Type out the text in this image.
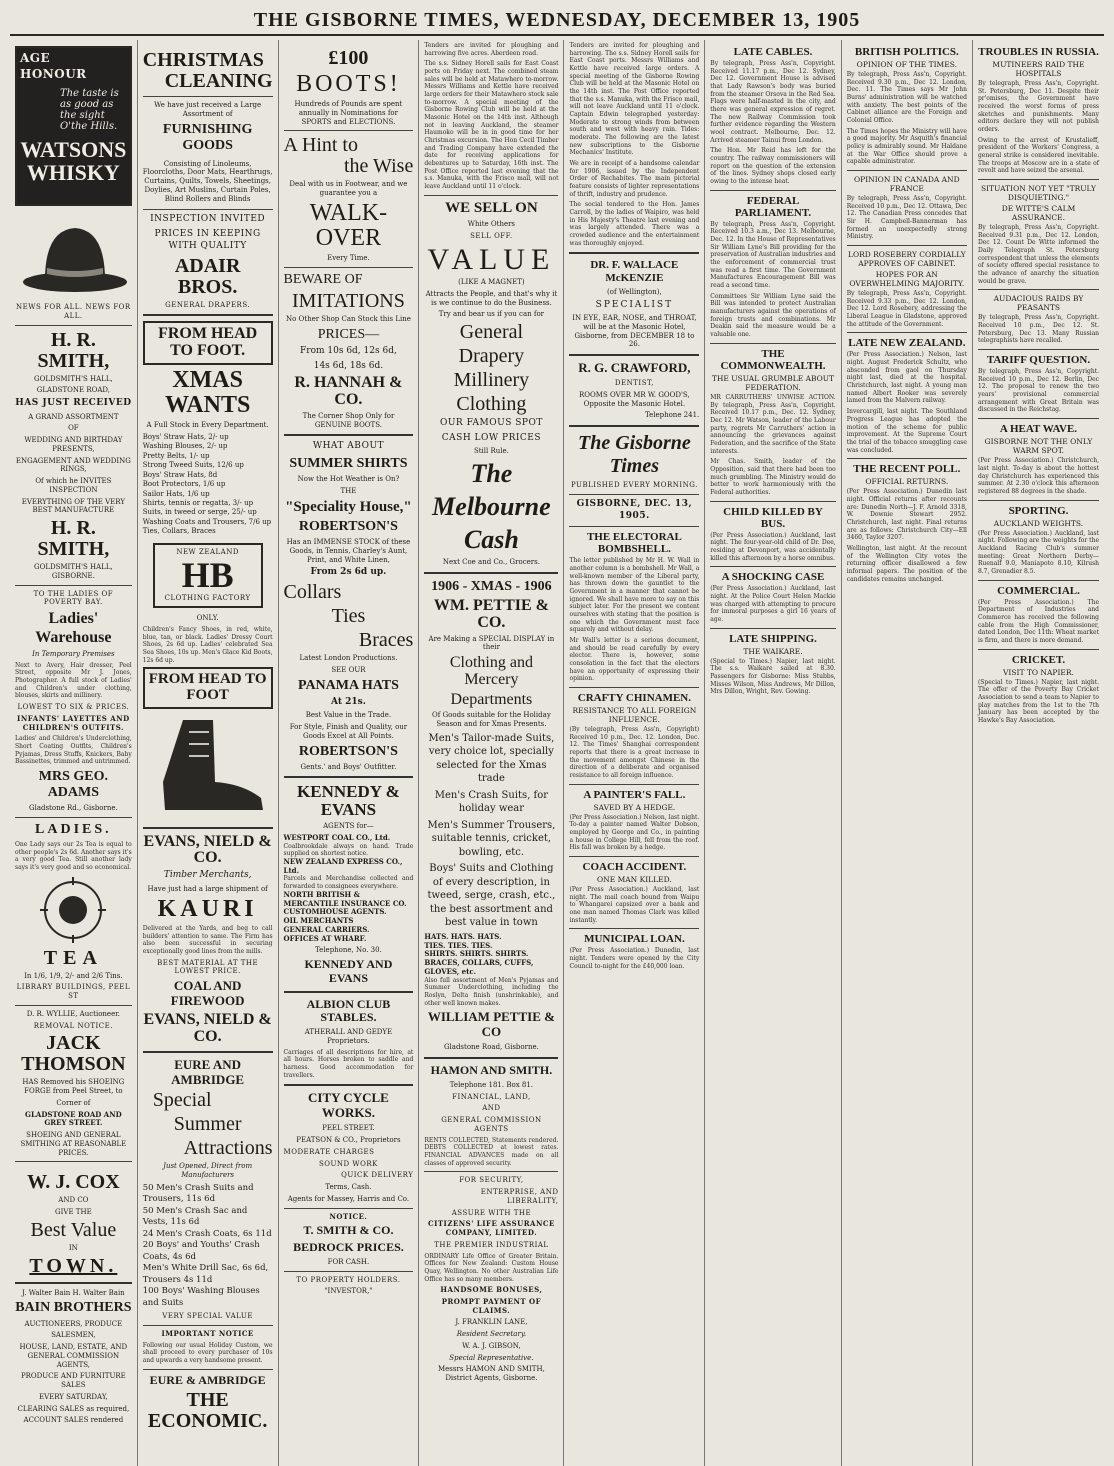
THE GISBORNE TIMES, WEDNESDAY, DECEMBER 13, 1905
AGE
HONOUR
The taste is as good as the sight O'the Hills.
WATSONS
WHISKY
NEWS FOR ALL. NEWS FOR ALL.
H. R. SMITH,
GOLDSMITH'S HALL,
GLADSTONE ROAD,
HAS JUST RECEIVED
A GRAND ASSORTMENT
OF
WEDDING AND BIRTHDAY PRESENTS,
ENGAGEMENT AND WEDDING RINGS,
Of which he INVITES INSPECTION
EVERYTHING OF THE VERY BEST MANUFACTURE
H. R. SMITH,
GOLDSMITH'S HALL, GISBORNE.
TO THE LADIES OF POVERTY BAY.
Ladies' Warehouse
In Temporary Premises
Next to Avery, Hair dresser, Peel Street, opposite Mr J. Jones, Photographer. A full stock of Ladies' and Children's under clothing, blouses, skirts and millinery.
LOWEST TO SIX & PRICES.
INFANTS' LAYETTES AND CHILDREN'S OUTFITS.
Ladies' and Children's Underclothing, Short Coating Outfits, Children's Pyjamas, Dress Stuffs, Knickers, Baby Bassinettes, trimmed and untrimmed.
MRS GEO. ADAMS
Gladstone Rd., Gisborne.
LADIES.
One Lady says our 2s Tea is equal to other people's 2s 6d. Another says it's a very good Tea. Still another lady says it's very good and so economical.
TEA
In 1/6, 1/9, 2/- and 2/6 Tins.
LIBRARY BUILDINGS, PEEL ST
D. R. WYLLIE, Auctioneer.
REMOVAL NOTICE.
JACK THOMSON
HAS Removed his SHOEING FORGE from Peel Street, to
Corner of
GLADSTONE ROAD AND GREY STREET.
SHOEING AND GENERAL SMITHING AT REASONABLE PRICES.
W. J. COX
AND CO
GIVE THE
Best Value
IN
TOWN.
J. Walter Bain H. Walter Bain
BAIN BROTHERS
AUCTIONEERS, PRODUCE
SALESMEN,
HOUSE, LAND, ESTATE, AND GENERAL COMMISSION AGENTS,
PRODUCE AND FURNITURE SALES
EVERY SATURDAY,
CLEARING SALES as required,
ACCOUNT SALES rendered
CHRISTMAS
CLEANING
We have just received a Large Assortment of
FURNISHING GOODS
Consisting of Linoleums, Floorcloths, Door Mats, Hearthrugs, Curtains, Quilts, Towels, Sheetings, Doylies, Art Muslins, Curtain Poles, Blind Rollers and Blinds
INSPECTION INVITED
PRICES IN KEEPING WITH QUALITY
ADAIR BROS.
GENERAL DRAPERS.
FROM HEAD TO FOOT.
XMAS WANTS
A Full Stock in Every Department.
Boys' Straw Hats, 2/- up
Washing Blouses, 2/- up
Pretty Belts, 1/- up
Strong Tweed Suits, 12/6 up
Boys' Straw Hats, 8d
Boot Protectors, 1/6 up
Sailor Hats, 1/6 up
Shirts, tennis or regatta, 3/- up
Suits, in tweed or serge, 25/- up
Washing Coats and Trousers, 7/6 up
Ties, Collars, Braces
NEW ZEALAND
HB
CLOTHING FACTORY
ONLY.
Children's Fancy Shoes, in red, white, blue, tan, or black. Ladies' Dressy Court Shoes, 2s 6d up. Ladies' celebrated Sea Sea Shoes, 10s up. Men's Glace Kid Boots, 12s 6d up.
FROM HEAD TO FOOT
EVANS, NIELD & CO.
Timber Merchants,
Have just had a large shipment of
KAURI
Delivered at the Yards, and beg to call builders' attention to same. The Firm has also been successful in securing exceptionally good lines from the mills.
BEST MATERIAL AT THE LOWEST PRICE.
COAL AND FIREWOOD
EVANS, NIELD & CO.
EURE AND AMBRIDGE
Special
Summer
Attractions
Just Opened, Direct from Manufacturers
50 Men's Crash Suits and Trousers, 11s 6d
50 Men's Crash Sac and Vests, 11s 6d
24 Men's Crash Coats, 6s 11d
20 Boys' and Youths' Crash Coats, 4s 6d
Men's White Drill Sac, 6s 6d, Trousers 4s 11d
100 Boys' Washing Blouses and Suits
VERY SPECIAL VALUE
IMPORTANT NOTICE
Following our usual Holiday Custom, we shall proceed to every purchaser of 10s and upwards a very handsome present.
EURE & AMBRIDGE
THE ECONOMIC.
£100
BOOTS!
Hundreds of Pounds are spent annually in Nominations for SPORTS and ELECTIONS.
A Hint to
the Wise
Deal with us in Footwear, and we guarantee you a
WALK-OVER
Every Time.
BEWARE OF
IMITATIONS
No Other Shop Can Stock this Line
PRICES—
From 10s 6d, 12s 6d,
14s 6d, 18s 6d.
R. HANNAH & CO.
The Corner Shop Only for GENUINE BOOTS.
WHAT ABOUT
SUMMER SHIRTS
Now the Hot Weather is On?
THE
"Speciality House,"
ROBERTSON'S
Has an IMMENSE STOCK of these Goods, in Tennis, Charley's Aunt, Print, and White Linen,
From 2s 6d up.
Collars
Ties
Braces
Latest London Productions.
SEE OUR
PANAMA HATS
At 21s.
Best Value in the Trade.
For Style, Finish and Quality, our Goods Excel at All Points.
ROBERTSON'S
Gents.' and Boys' Outfitter.
KENNEDY & EVANS
AGENTS for—
WESTPORT COAL CO., Ltd.
Coalbrookdale always on hand. Trade supplied on shortest notice.
NEW ZEALAND EXPRESS CO., Ltd.
Parcels and Merchandise collected and forwarded to consignees everywhere.
NORTH BRITISH & MERCANTILE INSURANCE CO.
CUSTOMHOUSE AGENTS.
OIL MERCHANTS
GENERAL CARRIERS.
OFFICES AT WHARF.
Telephone, No. 30.
KENNEDY AND EVANS
ALBION CLUB STABLES.
ATHERALL AND GEDYE Proprietors.
Carriages of all descriptions for hire, at all hours. Horses broken to saddle and harness. Good accommodation for travellers.
CITY CYCLE WORKS.
PEEL STREET.
PEATSON & CO., Proprietors
MODERATE CHARGES
SOUND WORK
QUICK DELIVERY
Terms, Cash.
Agents for Massey, Harris and Co.
NOTICE.
T. SMITH & CO.
BEDROCK PRICES.
FOR CASH.
TO PROPERTY HOLDERS.
"INVESTOR,"
Tenders are invited for ploughing and harrowing five acres. Aberdeen road.
The s.s. Sidney Horell sails for East Coast ports on Friday next. The combined steam sales will be held at Matawhero to-morrow. Messrs Williams and Kettle have received large orders for their Matawhero stock sale to-morrow. A special meeting of the Gisborne Rowing Club will be held at the Masonic Hotel on the 14th inst. Although not in leaving Auckland, the steamer Haumoko will be in in good time for her Christmas excursion. The Hon Cecil Timber and Trading Company have extended the date for receiving applications for debentures up to Saturday, 16th inst. The Post Office reported last evening that the s.s. Manuka, with the Frisco mail, will not leave Auckland until 11 o'clock.
WE SELL ON
White Others
SELL OFF.
VALUE
(LIKE A MAGNET)
Attracts the People, and that's why it is we continue to do the Business.
Try and bear us if you can for
General
Drapery
Millinery
Clothing
OUR FAMOUS SPOT
CASH LOW PRICES
Still Rule.
The
Melbourne
Cash
Next Coe and Co., Grocers.
1906 - XMAS - 1906
WM. PETTIE & CO.
Are Making a SPECIAL DISPLAY in their
Clothing and Mercery
Departments
Of Goods suitable for the Holiday Season and for Xmas Presents.
Men's Tailor-made Suits, very choice lot, specially selected for the Xmas trade
Men's Crash Suits, for holiday wear
Men's Summer Trousers, suitable tennis, cricket, bowling, etc.
Boys' Suits and Clothing of every description, in tweed, serge, crash, etc., the best assortment and best value in town
HATS. HATS. HATS.
TIES. TIES. TIES.
SHIRTS. SHIRTS. SHIRTS.
BRACES, COLLARS, CUFFS, GLOVES, etc.
Also full assortment of Men's Pyjamas and Summer Underclothing, including the Roslyn, Delta finish (unshrinkable), and other well known makes.
WILLIAM PETTIE & CO
Gladstone Road, Gisborne.
HAMON AND SMITH.
Telephone 181. Box 81.
FINANCIAL, LAND,
AND
GENERAL COMMISSION AGENTS
RENTS COLLECTED, Statements rendered. DEBTS COLLECTED at lowest rates. FINANCIAL ADVANCES made on all classes of approved security.
FOR SECURITY,
ENTERPRISE, AND
LIBERALITY,
ASSURE WITH THE
CITIZENS' LIFE ASSURANCE COMPANY, LIMITED.
THE PREMIER INDUSTRIAL
ORDINARY Life Office of Greater Britain. Offices for New Zealand: Custom House Quay, Wellington. No other Australian Life Office has so many members.
HANDSOME BONUSES,
PROMPT PAYMENT OF CLAIMS.
J. FRANKLIN LANE,
Resident Secretary.
W. A. J. GIBSON,
Special Representative.
Messrs HAMON AND SMITH, District Agents, Gisborne.
Tenders are invited for ploughing and harrowing. The s.s. Sidney Horell sails for East Coast ports. Messrs Williams and Kettle have received large orders. A special meeting of the Gisborne Rowing Club will be held at the Masonic Hotel on the 14th inst. The Post Office reported that the s.s. Manuka, with the Frisco mail, will not leave Auckland until 11 o'clock. Captain Edwin telegraphed yesterday: Moderate to strong winds from between south and west with heavy rain. Tides: moderate. The following are the latest new subscriptions to the Gisborne Mechanics' Institute.
We are in receipt of a handsome calendar for 1906, issued by the Independent Order of Rechabites. The main pictorial feature consists of lighter representations of thrift, industry and prudence.
The social tendered to the Hon. James Carroll, by the ladies of Waipiro, was held in His Majesty's Theatre last evening and was largely attended. There was a crowded audience and the entertainment was thoroughly enjoyed.
DR. F. WALLACE McKENZIE
(of Wellington),
SPECIALIST
IN EYE, EAR, NOSE, and THROAT, will be at the Masonic Hotel, Gisborne, from DECEMBER 18 to 26.
R. G. CRAWFORD,
DENTIST,
ROOMS OVER MR W. GOOD'S, Opposite the Masonic Hotel.
Telephone 241.
The Gisborne Times
PUBLISHED EVERY MORNING.
GISBORNE, DEC. 13, 1905.
THE ELECTORAL BOMBSHELL.
The letter published by Mr H. W. Wall in another column is a bombshell. Mr Wall, a well-known member of the Liberal party, has thrown down the gauntlet to the Government in a manner that cannot be ignored. We shall have more to say on this subject later. For the present we content ourselves with stating that the position is one which the Government must face squarely and without delay.
Mr Wall's letter is a serious document, and should be read carefully by every elector. There is, however, some consolation in the fact that the electors have an opportunity of expressing their opinion.
CRAFTY CHINAMEN.
RESISTANCE TO ALL FOREIGN INFLUENCE.
(By telegraph, Press Ass'n, Copyright) Received 10 p.m., Dec. 12. London, Dec. 12. The Times' Shanghai correspondent reports that there is a great increase in the movement amongst Chinese in the direction of a deliberate and organised resistance to all foreign influence.
A PAINTER'S FALL.
SAVED BY A HEDGE.
(Per Press Association.) Nelson, last night. To-day a painter named Walter Dobson, employed by George and Co., in painting a house in College Hill, fell from the roof. His fall was broken by a hedge.
COACH ACCIDENT.
ONE MAN KILLED.
(Per Press Association.) Auckland, last night. The mail coach bound from Waipu to Whangarei capsized over a bank and one man named Thomas Clark was killed instantly.
MUNICIPAL LOAN.
(Per Press Association.) Dunedin, last night. Tenders were opened by the City Council to-night for the £40,000 loan.
LATE CABLES.
By telegraph, Press Ass'n, Copyright. Received 11.17 p.m., Dec 12. Sydney, Dec 12. Government House is advised that Lady Rawson's body was buried from the steamer Orsova in the Red Sea. Flags were half-masted in the city, and there was general expression of regret. The new Railway Commission took further evidence regarding the Western wool contract. Melbourne, Dec. 12. Arrived steamer Tainui from London.
The Hon. Mr Reid has left for the country. The railway commissioners will report on the question of the extension of the lines. Sydney shops closed early owing to the intense heat.
FEDERAL PARLIAMENT.
By telegraph, Press Ass'n, Copyright. Received 10.3 a.m., Dec 13. Melbourne, Dec. 12. In the House of Representatives Sir William Lyne's Bill providing for the preservation of Australian industries and the enforcement of commercial trust was read a first time. The Government Manufactures Encouragement Bill was read a second time.
Committees Sir William Lyne said the Bill was intended to protect Australian manufacturers against the operations of foreign trusts and combinations. Mr Deakin said the measure would be a valuable one.
THE COMMONWEALTH.
THE USUAL GRUMBLE ABOUT FEDERATION.
MR CARRUTHERS' UNWISE ACTION. By telegraph, Press Ass'n, Copyright. Received 10.17 p.m., Dec. 12. Sydney, Dec 12. Mr Watson, leader of the Labour party, regrets Mr Carruthers' action in announcing the grievances against Federation, and the sacrifice of the State interests.
Mr Chas. Smith, leader of the Opposition, said that there had been too much grumbling. The Ministry would do better to work harmoniously with the Federal authorities.
CHILD KILLED BY BUS.
(Per Press Association.) Auckland, last night. The four-year-old child of Dr. Dee, residing at Devonport, was accidentally killed this afternoon by a horse omnibus.
A SHOCKING CASE
(Per Press Association.) Auckland, last night. At the Police Court Helen Mackie was charged with attempting to procure for immoral purposes a girl 16 years of age.
LATE SHIPPING.
THE WAIKARE.
(Special to Times.) Napier, last night. The s.s. Waikare sailed at 8.30. Passengers for Gisborne: Miss Stubbs, Misses Wilson, Miss Andrews, Mr Dillon, Mrs Dillon, Wright, Rev. Gowing.
BRITISH POLITICS.
OPINION OF THE TIMES.
By telegraph, Press Ass'n, Copyright. Received 9.30 p.m., Dec 12. London, Dec. 11. The Times says Mr John Burns' administration will be watched with anxiety. The best points of the Cabinet alliance are the Foreign and Colonial Office.
The Times hopes the Ministry will have a good majority. Mr Asquith's financial policy is admirably sound. Mr Haldane at the War Office should prove a capable administrator.
OPINION IN CANADA AND FRANCE
By telegraph, Press Ass'n, Copyright. Received 10 p.m., Dec 12. Ottawa, Dec 12. The Canadian Press concedes that Sir H. Campbell-Bannerman has formed an unexpectedly strong Ministry.
LORD ROSEBERY CORDIALLY APPROVES OF CABINET.
HOPES FOR AN OVERWHELMING MAJORITY.
By telegraph, Press Ass'n, Copyright. Received 9.33 p.m., Dec 12. London, Dec 12. Lord Rosebery, addressing the Liberal League in Gladstone, approved the attitude of the Government.
LATE NEW ZEALAND.
(Per Press Association.) Nelson, last night. August Frederick Schultz, who absconded from gaol on Thursday night last, died at the hospital. Christchurch, last night. A young man named Albert Rooker was severely lamed from the Malvern railway.
Invercargill, last night. The Southland Progress League has adopted the motion of the scheme for public improvement. At the Supreme Court the trial of the tobacco smuggling case was concluded.
THE RECENT POLL.
OFFICIAL RETURNS.
(Per Press Association.) Dunedin last night. Official returns after recounts are: Dunedin North—J. F. Arnold 3318, W. Downie Stewart 2952. Christchurch, last night. Final returns are as follows: Christchurch City—Ell 3460, Taylor 3207.
Wellington, last night. At the recount of the Wellington City votes the returning officer disallowed a few informal papers. The position of the candidates remains unchanged.
TROUBLES IN RUSSIA.
MUTINEERS RAID THE HOSPITALS
By telegraph, Press Ass'n, Copyright. St. Petersburg, Dec 11. Despite their pr'omises, the Government have received the worst forms of press sketches and punishments. Many editors declare they will not publish orders.
Owing to the arrest of Krustalieff, president of the Workers' Congress, a general strike is considered inevitable. The troops at Moscow are in a state of revolt and have seized the arsenal.
SITUATION NOT YET "TRULY DISQUIETING."
DE WITTE'S CALM ASSURANCE.
By telegraph, Press Ass'n, Copyright. Received 9.31 p.m., Dec 12. London, Dec 12. Count De Witte informed the Daily Telegraph St. Petersburg correspondent that unless the elements of society offered special resistance to the advance of anarchy the situation would be grave.
AUDACIOUS RAIDS BY PEASANTS
By telegraph, Press Ass'n, Copyright. Received 10 p.m., Dec 12. St. Petersburg, Dec 13. Many Russian telegraphists have recalled.
TARIFF QUESTION.
By telegraph, Press Ass'n, Copyright. Received 10 p.m., Dec 12. Berlin, Dec 12. The proposal to renew the two years' provisional commercial arrangement with Great Britain was discussed in the Reichstag.
A HEAT WAVE.
GISBORNE NOT THE ONLY WARM SPOT.
(Per Press Association.) Christchurch, last night. To-day is about the hottest day Christchurch has experienced this summer. At 2.30 o'clock this afternoon registered 88 degrees in the shade.
SPORTING.
AUCKLAND WEIGHTS.
(Per Press Association.) Auckland, last night. Following are the weights for the Auckland Racing Club's summer meeting: Great Northern Derby—Ruenalf 9.0, Maniapoto 8.10, Kilrush 8.7, Grenadier 8.5.
COMMERCIAL.
(Per Press Association.) The Department of Industries and Commerce has received the following cable from the High Commissioner, dated London, Dec 11th: Wheat market is firm, and there is more demand.
CRICKET.
VISIT TO NAPIER.
(Special to Times.) Napier, last night. The offer of the Poverty Bay Cricket Association to send a team to Napier to play matches from the 1st to the 7th January has been accepted by the Hawke's Bay Association.
